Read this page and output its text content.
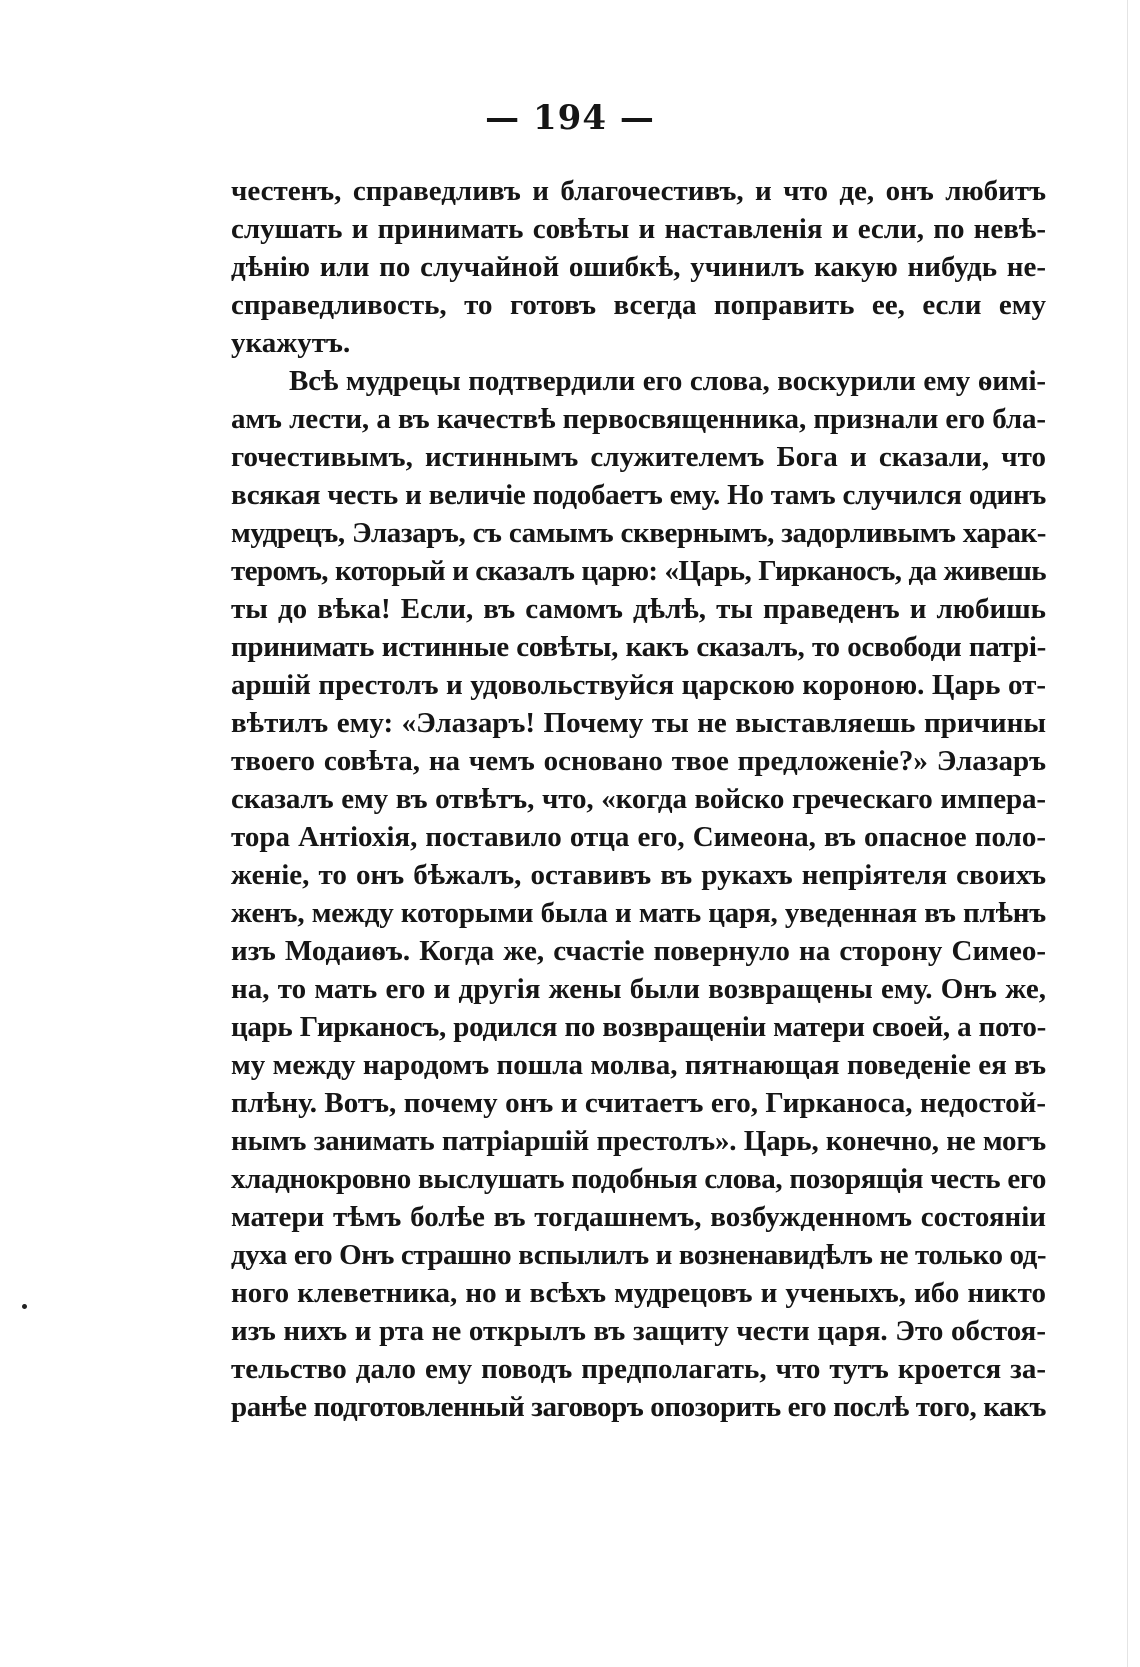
— 194 —
честенъ, справедливъ и благочестивъ, и что де, онъ любитъ
слушать и принимать совѣты и наставленія и если, по невѣ-
дѣнію или по случайной ошибкѣ, учинилъ какую нибудь не-
справедливость, то готовъ всегда поправить ее, если ему
укажутъ.
Всѣ мудрецы подтвердили его слова, воскурили ему ѳимі-
амъ лести, а въ качествѣ первосвященника, признали его бла-
гочестивымъ, истиннымъ служителемъ Бога и сказали, что
всякая честь и величіе подобаетъ ему. Но тамъ случился одинъ
мудрецъ, Элазаръ, съ самымъ сквернымъ, задорливымъ харак-
теромъ, который и сказалъ царю: «Царь, Гирканосъ, да живешь
ты до вѣка! Если, въ самомъ дѣлѣ, ты праведенъ и любишь
принимать истинные совѣты, какъ сказалъ, то освободи патрі-
аршій престолъ и удовольствуйся царскою короною. Царь от-
вѣтилъ ему: «Элазаръ! Почему ты не выставляешь причины
твоего совѣта, на чемъ основано твое предложеніе?» Элазаръ
сказалъ ему въ отвѣтъ, что, «когда войско греческаго импера-
тора Антіохія, поставило отца его, Симеона, въ опасное поло-
женіе, то онъ бѣжалъ, оставивъ въ рукахъ непріятеля своихъ
женъ, между которыми была и мать царя, уведенная въ плѣнъ
изъ Модаиѳъ. Когда же, счастіе повернуло на сторону Симео-
на, то мать его и другія жены были возвращены ему. Онъ же,
царь Гирканосъ, родился по возвращеніи матери своей, а пото-
му между народомъ пошла молва, пятнающая поведеніе ея въ
плѣну. Вотъ, почему онъ и считаетъ его, Гирканоса, недостой-
нымъ занимать патріаршій престолъ». Царь, конечно, не могъ
хладнокровно выслушать подобныя слова, позорящія честь его
матери тѣмъ болѣе въ тогдашнемъ, возбужденномъ состояніи
духа его Онъ страшно вспылилъ и возненавидѣлъ не только од-
ного клеветника, но и всѣхъ мудрецовъ и ученыхъ, ибо никто
изъ нихъ и рта не открылъ въ защиту чести царя. Это обстоя-
тельство дало ему поводъ предполагать, что тутъ кроется за-
ранѣе подготовленный заговоръ опозорить его послѣ того, какъ
